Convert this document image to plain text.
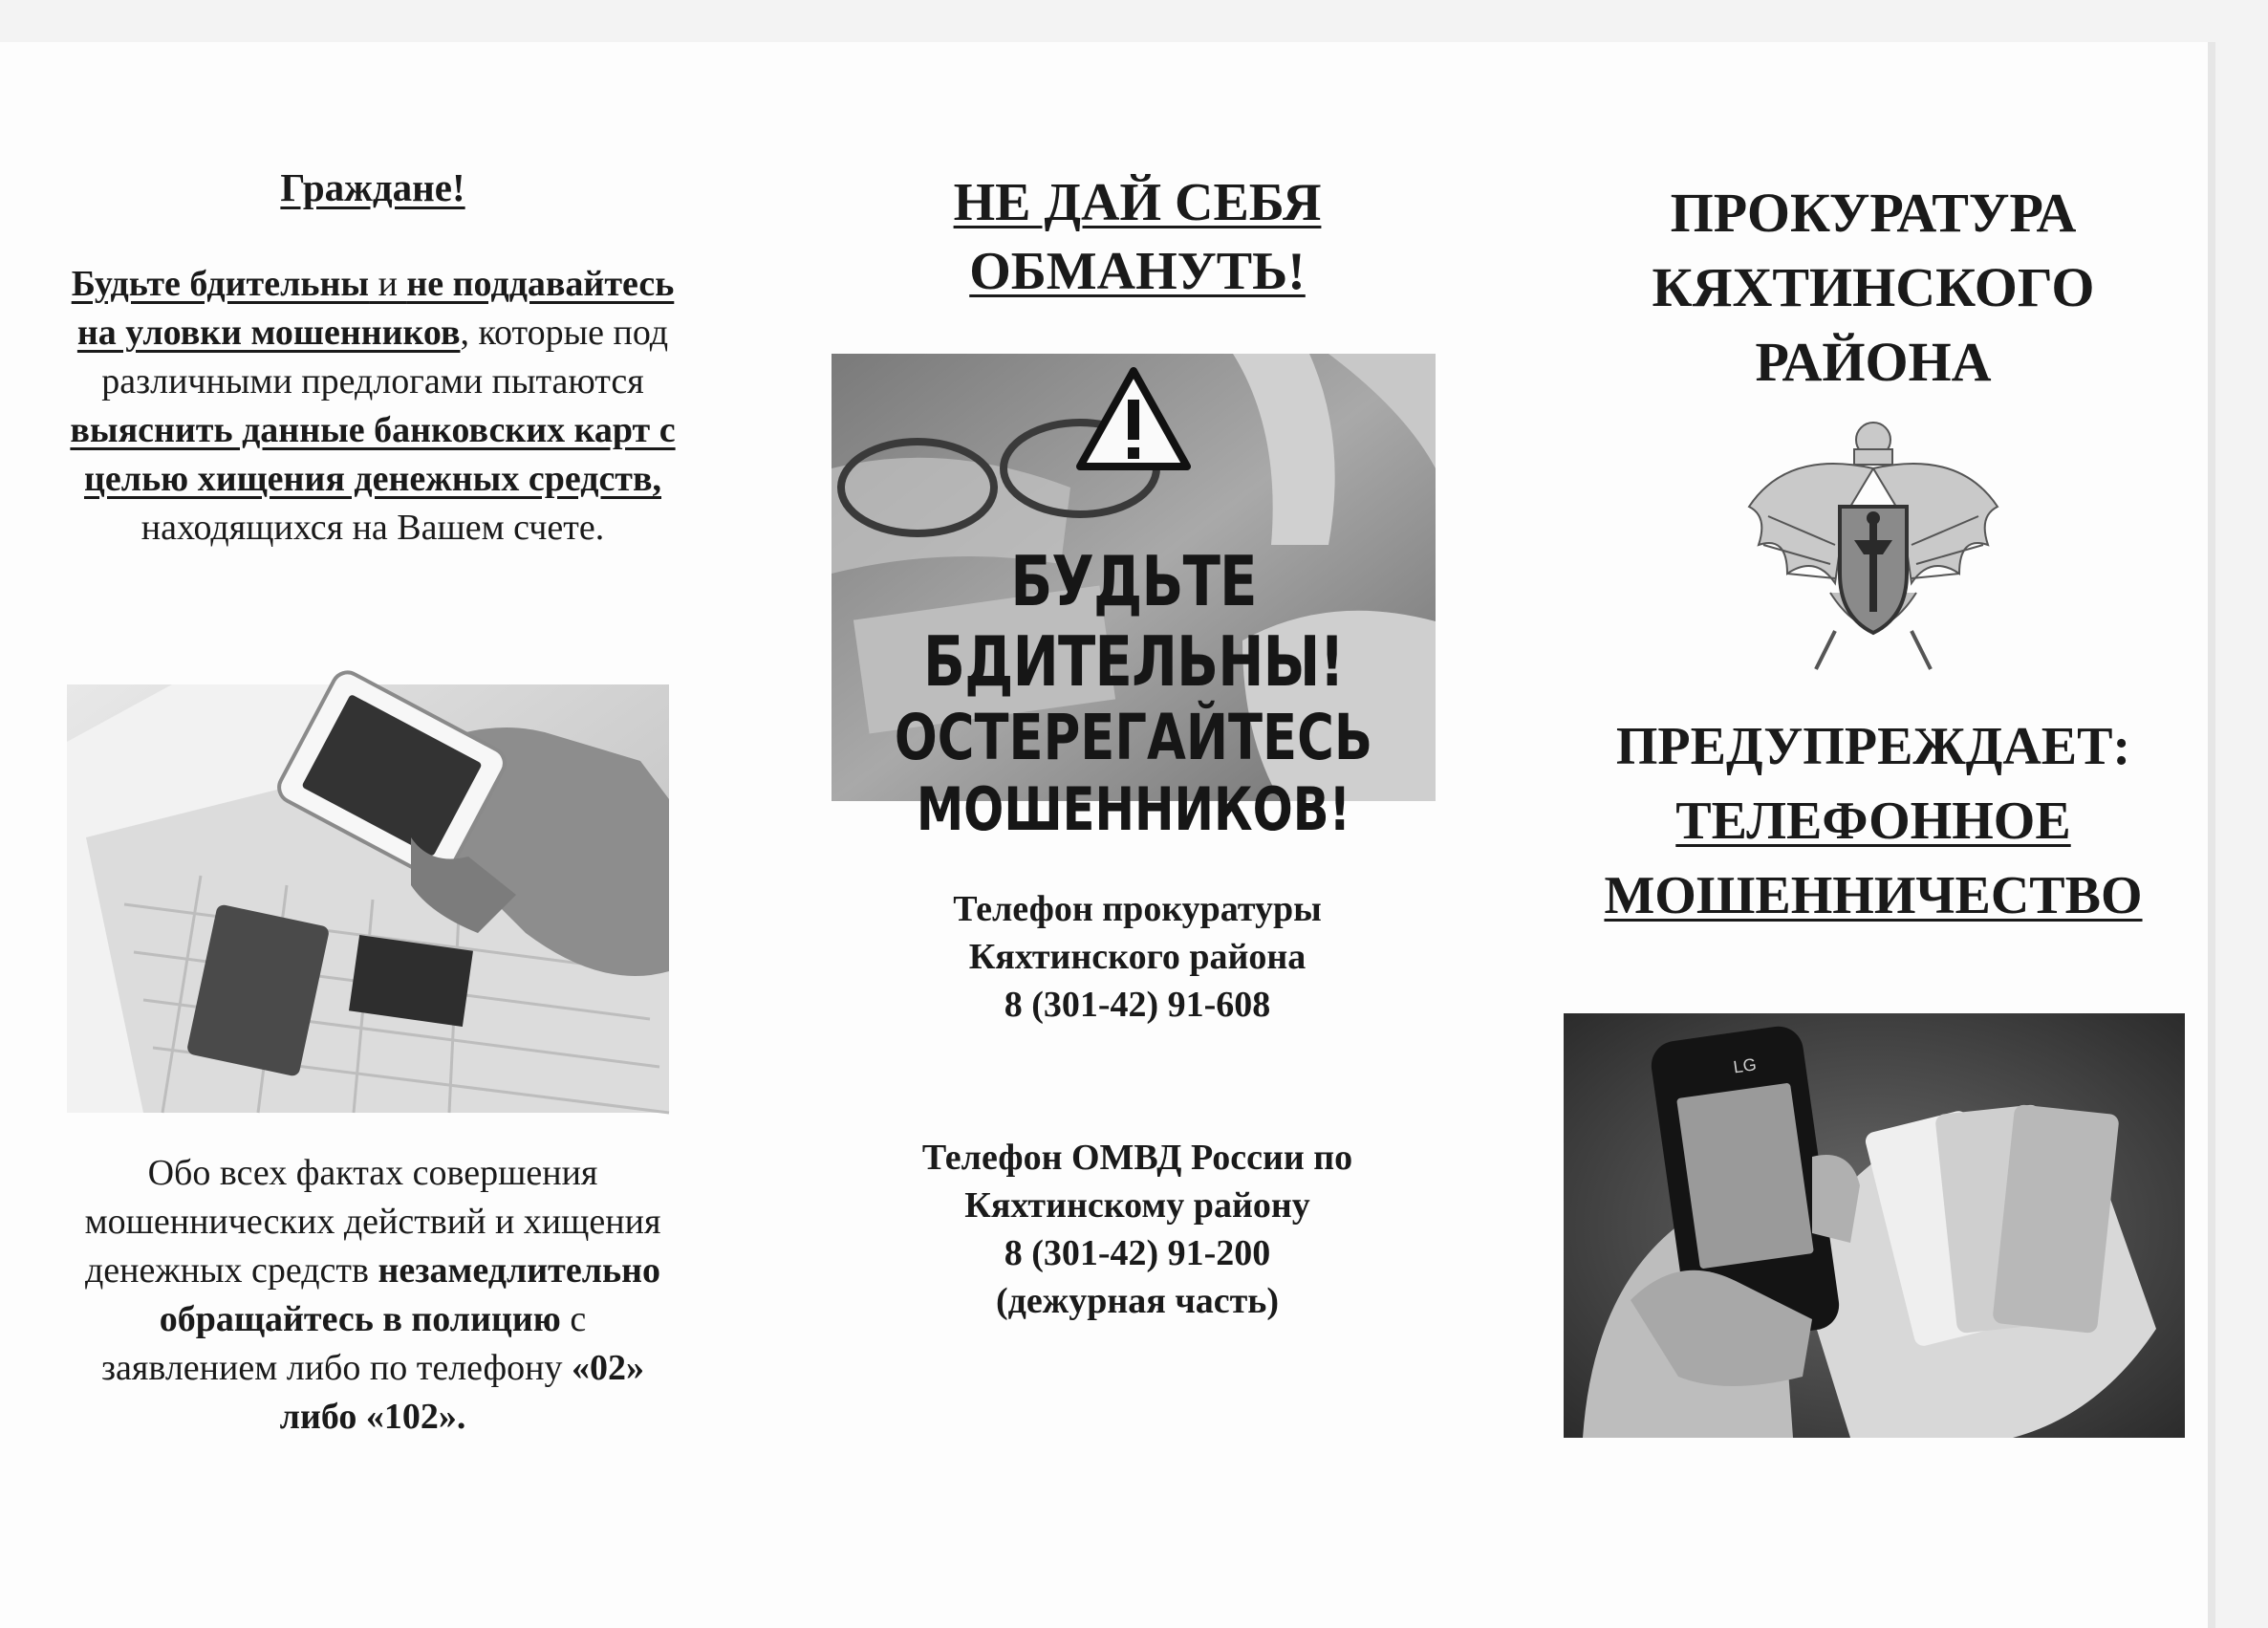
Граждане!
Будьте бдительны и не поддавайтесь на уловки мошенников, которые под различными предлогами пытаются выяснить данные банковских карт с целью хищения денежных средств, находящихся на Вашем счете.
Обо всех фактах совершения мошеннических действий и хищения денежных средств незамедлительно обращайтесь в полицию с заявлением либо по телефону «02» либо «102».
НЕ ДАЙ СЕБЯ
ОБМАНУТЬ!
БУДЬТЕ БДИТЕЛЬНЫ!
ОСТЕРЕГАЙТЕСЬ
МОШЕННИКОВ!
Телефон прокуратуры
Кяхтинского района
8 (301-42) 91-608
Телефон ОМВД России по
Кяхтинскому району
8 (301-42) 91-200
(дежурная часть)
ПРОКУРАТУРА
КЯХТИНСКОГО
РАЙОНА
ПРЕДУПРЕЖДАЕТ:
ТЕЛЕФОННОЕ
МОШЕННИЧЕСТВО
LG
